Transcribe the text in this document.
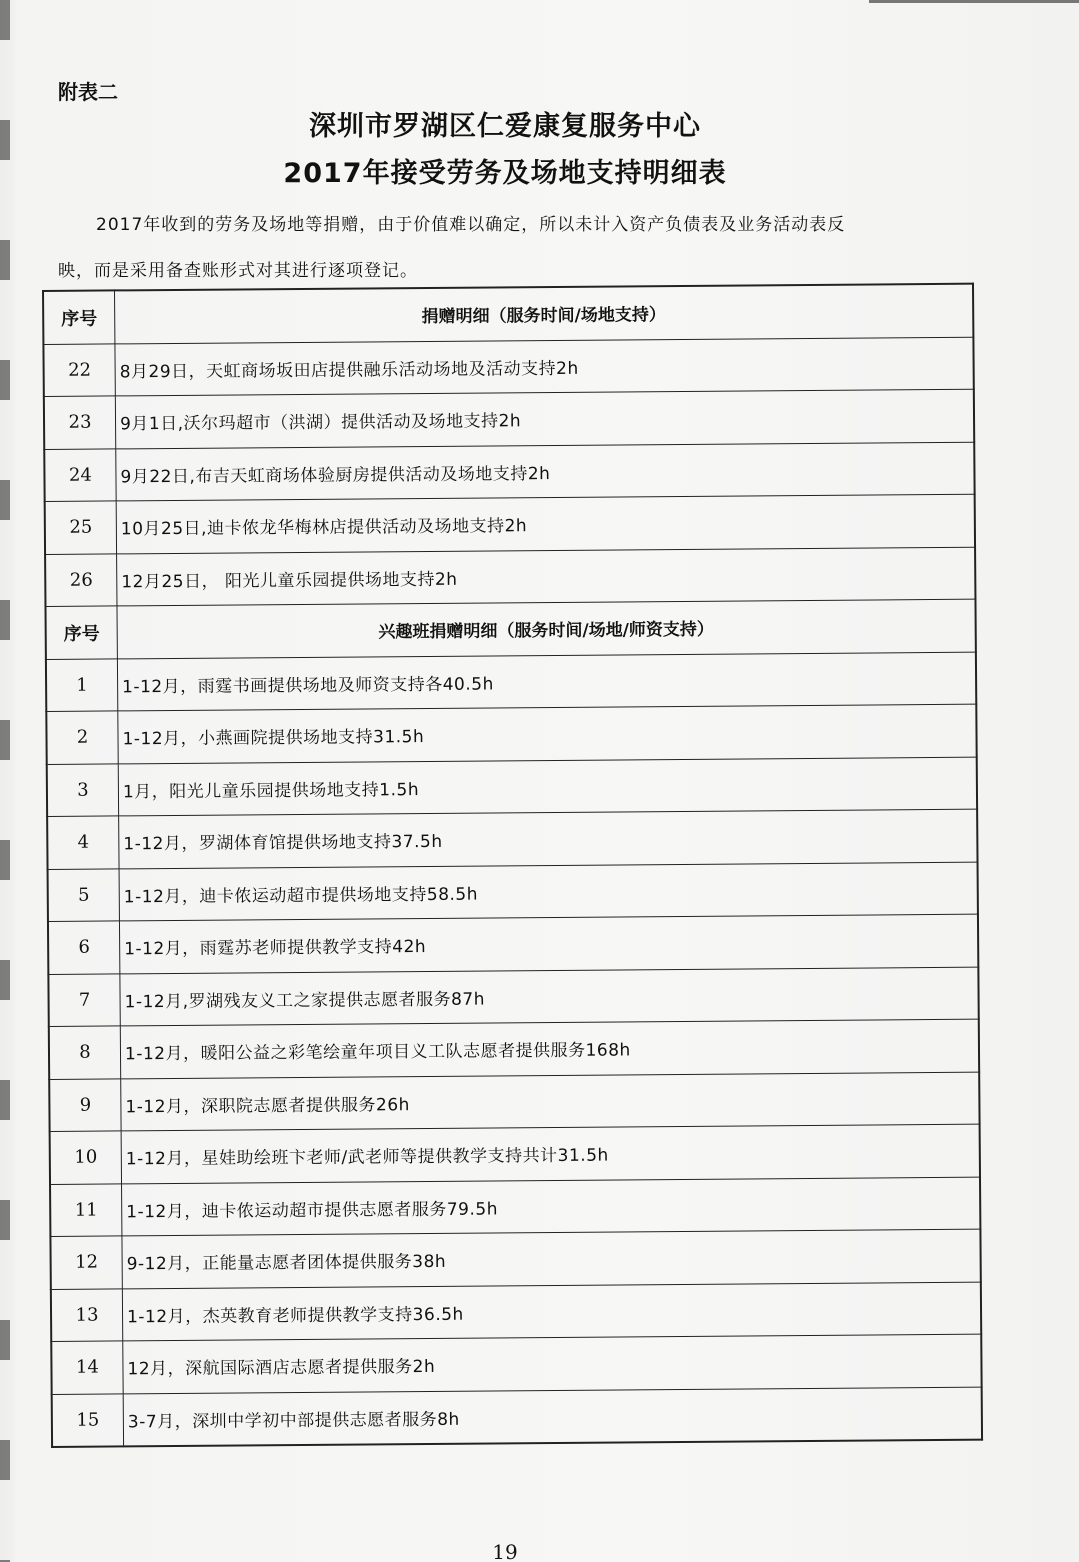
附表二
深圳市罗湖区仁爱康复服务中心
2017年接受劳务及场地支持明细表
2017年收到的劳务及场地等捐赠，由于价值难以确定，所以未计入资产负债表及业务活动表反
映，而是采用备查账形式对其进行逐项登记。
序号	捐赠明细（服务时间/场地支持）
22	8月29日，天虹商场坂田店提供融乐活动场地及活动支持2h
23	9月1日,沃尔玛超市（洪湖）提供活动及场地支持2h
24	9月22日,布吉天虹商场体验厨房提供活动及场地支持2h
25	10月25日,迪卡侬龙华梅林店提供活动及场地支持2h
26	12月25日， 阳光儿童乐园提供场地支持2h
序号	兴趣班捐赠明细（服务时间/场地/师资支持）
1	1-12月，雨霆书画提供场地及师资支持各40.5h
2	1-12月，小燕画院提供场地支持31.5h
3	1月，阳光儿童乐园提供场地支持1.5h
4	1-12月，罗湖体育馆提供场地支持37.5h
5	1-12月，迪卡侬运动超市提供场地支持58.5h
6	1-12月，雨霆苏老师提供教学支持42h
7	1-12月,罗湖残友义工之家提供志愿者服务87h
8	1-12月，暖阳公益之彩笔绘童年项目义工队志愿者提供服务168h
9	1-12月，深职院志愿者提供服务26h
10	1-12月，星娃助绘班卞老师/武老师等提供教学支持共计31.5h
11	1-12月，迪卡侬运动超市提供志愿者服务79.5h
12	9-12月，正能量志愿者团体提供服务38h
13	1-12月，杰英教育老师提供教学支持36.5h
14	12月，深航国际酒店志愿者提供服务2h
15	3-7月，深圳中学初中部提供志愿者服务8h
19
